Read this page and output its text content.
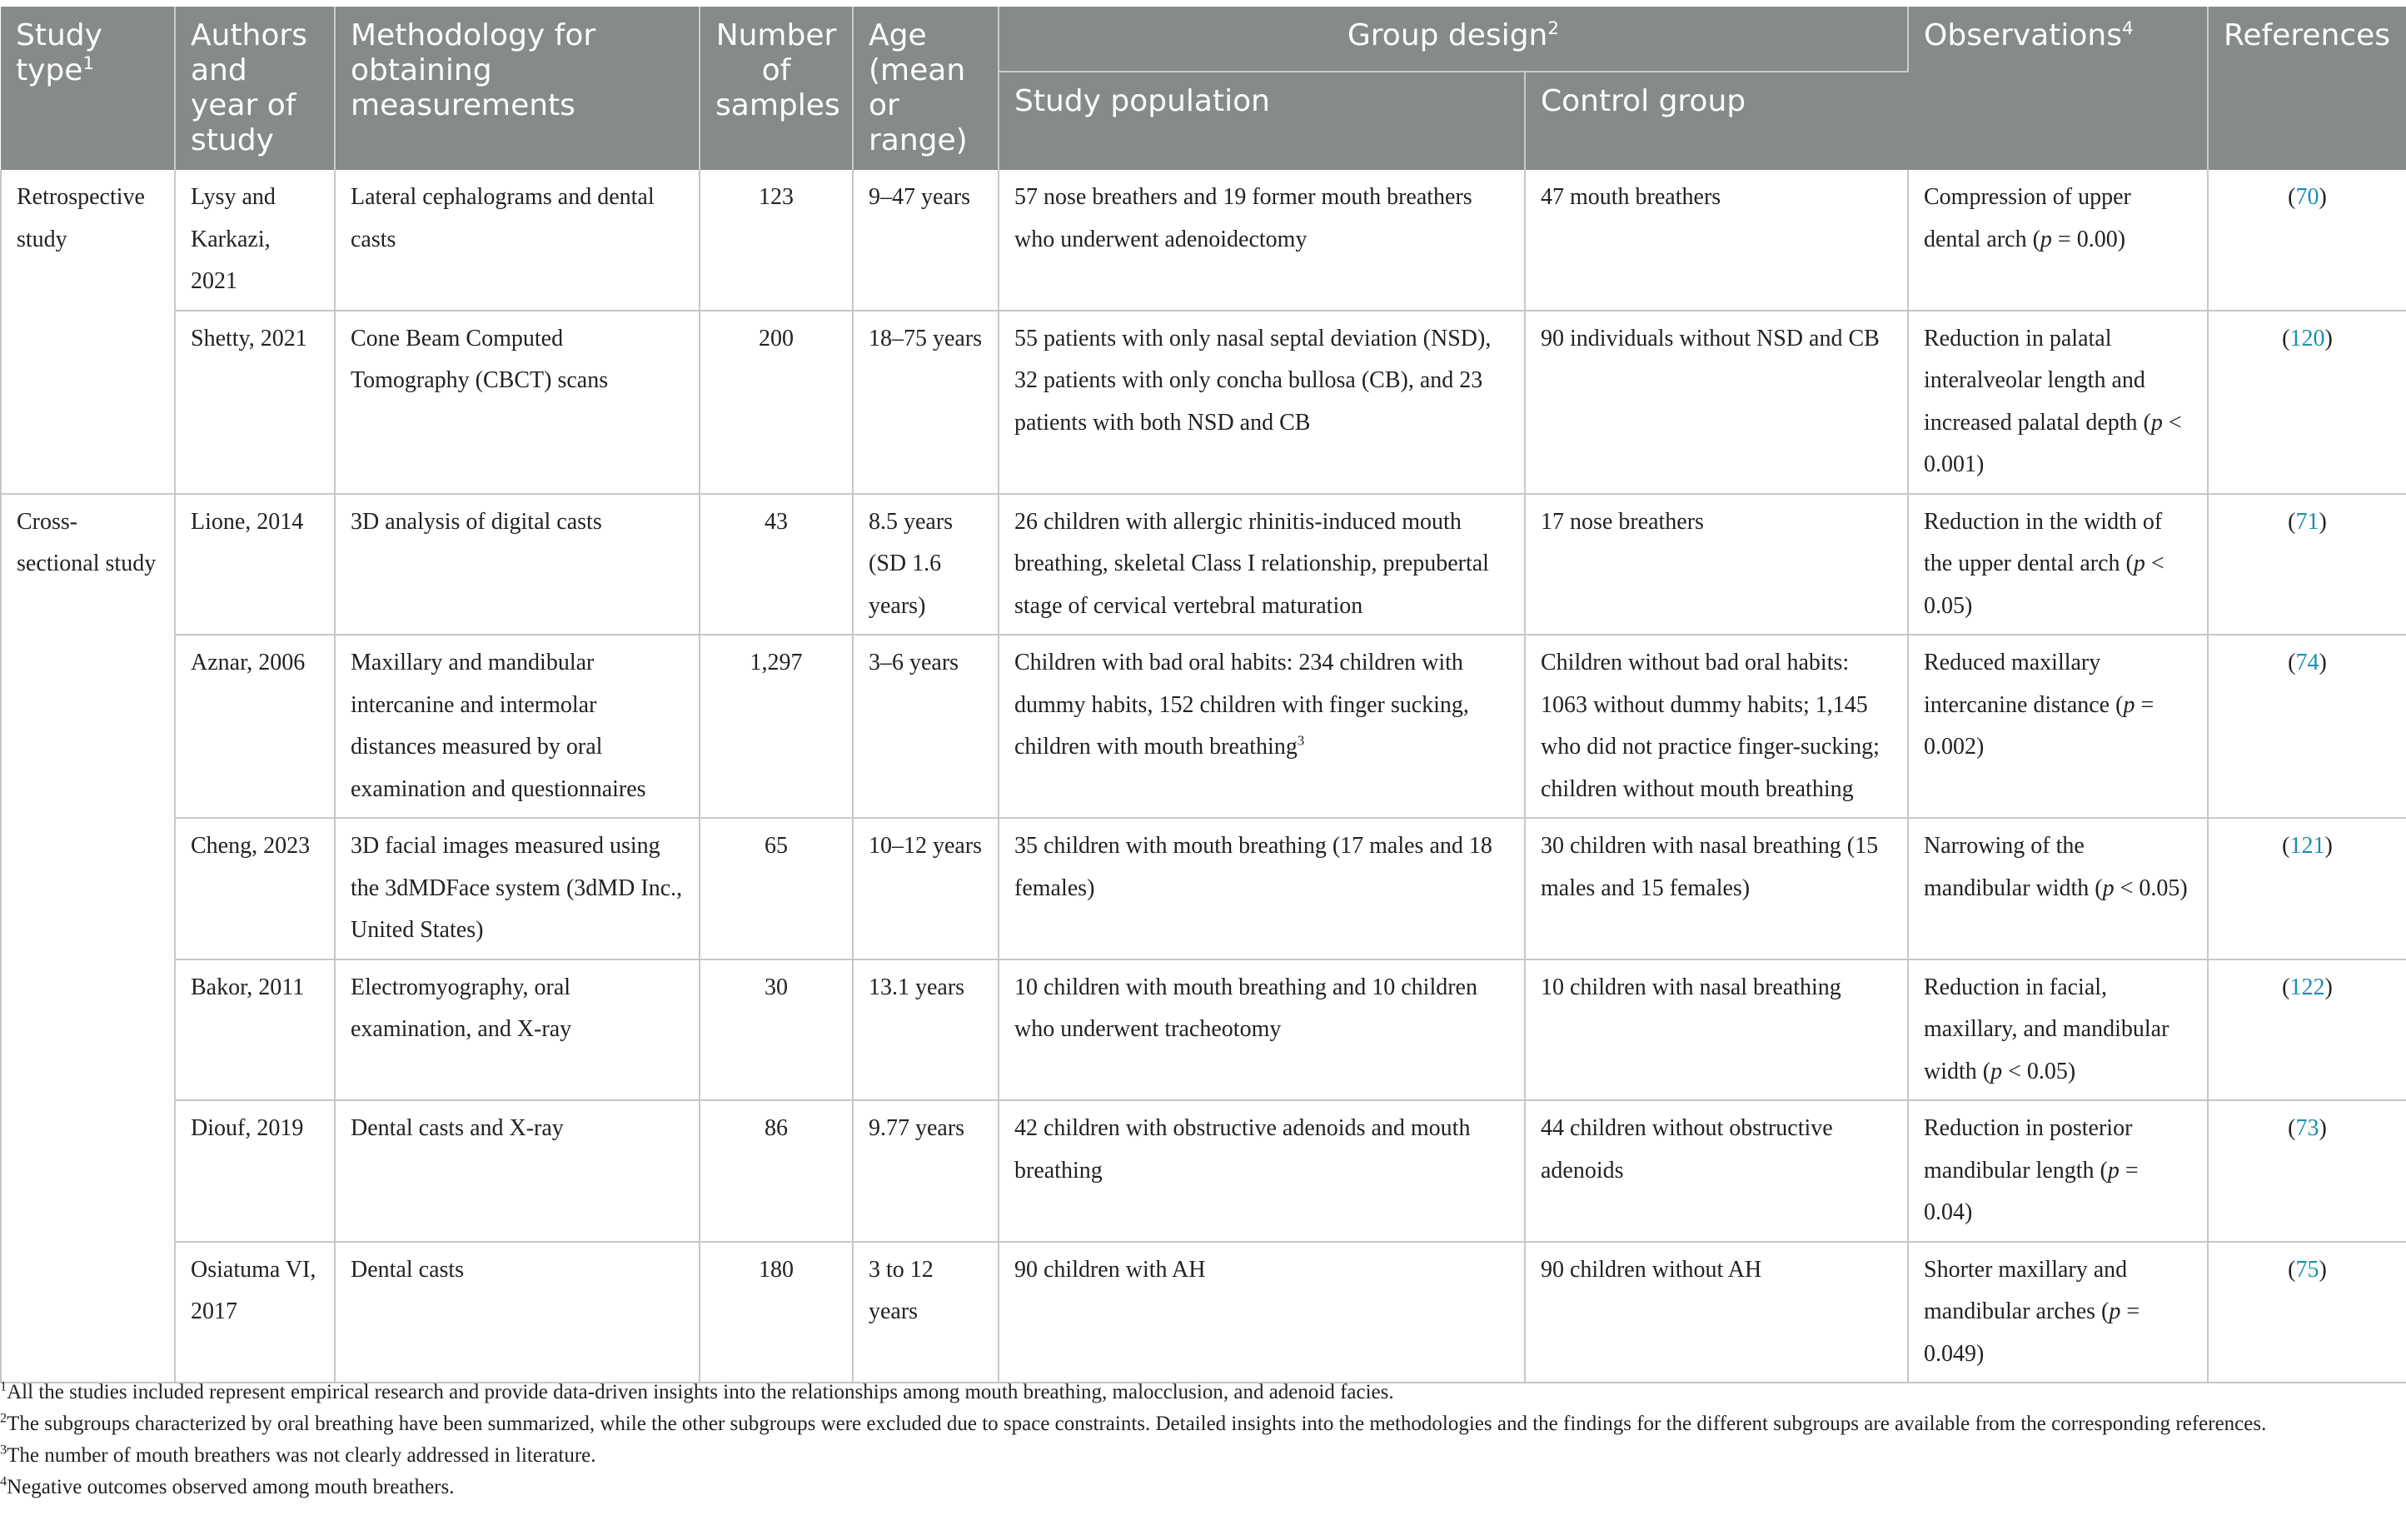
Study type$^1$	Authors and year of study	Methodology for obtaining measurements	Number of samples	Age (mean or range)	Group design$^2$		Observations$^4$	References
					Study population	Control group		
Retrospective study	Lysy and Karkazi, 2021	Lateral cephalograms and dental casts	123	9–47 years	57 nose breathers and 19 former mouth breathers who underwent adenoidectomy	47 mouth breathers	Compression of upper dental arch (p = 0.00)	(70)
	Shetty, 2021	Cone Beam Computed Tomography (CBCT) scans	200	18–75 years	55 patients with only nasal septal deviation (NSD), 32 patients with only concha bullosa (CB), and 23 patients with both NSD and CB	90 individuals without NSD and CB	Reduction in palatal interalveolar length and increased palatal depth (p < 0.001)	(120)
Cross-sectional study	Lione, 2014	3D analysis of digital casts	43	8.5 years (SD 1.6 years)	26 children with allergic rhinitis-induced mouth breathing, skeletal Class I relationship, prepubertal stage of cervical vertebral maturation	17 nose breathers	Reduction in the width of the upper dental arch (p < 0.05)	(71)
	Aznar, 2006	Maxillary and mandibular intercanine and intermolar distances measured by oral examination and questionnaires	1,297	3–6 years	Children with bad oral habits: 234 children with dummy habits, 152 children with finger sucking, children with mouth breathing$^3$	Children without bad oral habits: 1063 without dummy habits; 1,145 who did not practice finger-sucking; children without mouth breathing	Reduced maxillary intercanine distance (p = 0.002)	(74)
	Cheng, 2023	3D facial images measured using the 3dMDFace system (3dMD Inc., United States)	65	10–12 years	35 children with mouth breathing (17 males and 18 females)	30 children with nasal breathing (15 males and 15 females)	Narrowing of the mandibular width (p < 0.05)	(121)
	Bakor, 2011	Electromyography, oral examination, and X-ray	30	13.1 years	10 children with mouth breathing and 10 children who underwent tracheotomy	10 children with nasal breathing	Reduction in facial, maxillary, and mandibular width (p < 0.05)	(122)
	Diouf, 2019	Dental casts and X-ray	86	9.77 years	42 children with obstructive adenoids and mouth breathing	44 children without obstructive adenoids	Reduction in posterior mandibular length (p = 0.04)	(73)
	Osiatuma VI, 2017	Dental casts	180	3 to 12 years	90 children with AH	90 children without AH	Shorter maxillary and mandibular arches (p = 0.049)	(75)

$^1$All the studies included represent empirical research and provide data-driven insights into the relationships among mouth breathing, malocclusion, and adenoid facies.

$^2$The subgroups characterized by oral breathing have been summarized, while the other subgroups were excluded due to space constraints. Detailed insights into the methodologies and the findings for the different subgroups are available from the corresponding references.

$^3$The number of mouth breathers was not clearly addressed in literature.

$^4$Negative outcomes observed among mouth breathers.
